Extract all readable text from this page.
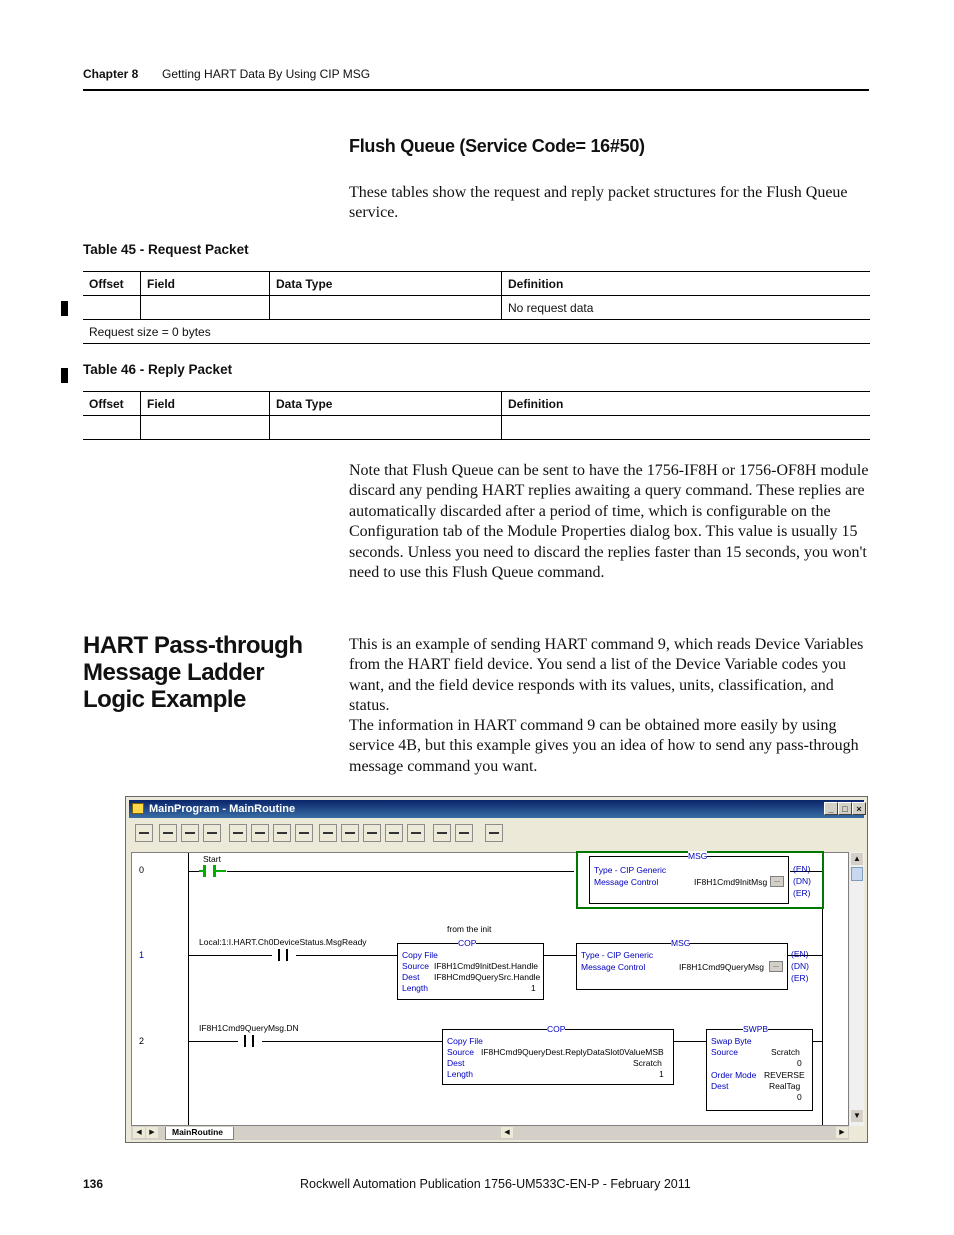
Chapter 8 Getting HART Data By Using CIP MSG
Flush Queue (Service Code= 16#50)
These tables show the request and reply packet structures for the Flush Queue service.
Table 45 - Request Packet
Offset	Field	Data Type	Definition
			No request data
Request size = 0 bytes			
Table 46 - Reply Packet
Offset	Field	Data Type	Definition

Note that Flush Queue can be sent to have the 1756-IF8H or 1756-OF8H module discard any pending HART replies awaiting a query command. These replies are automatically discarded after a period of time, which is configurable on the Configuration tab of the Module Properties dialog box. This value is usually 15 seconds. Unless you need to discard the replies faster than 15 seconds, you won't need to use this Flush Queue command.
HART Pass-through Message Ladder Logic Example
This is an example of sending HART command 9, which reads Device Variables from the HART field device. You send a list of the Device Variable codes you want, and the field device responds with its values, units, classification, and status.
The information in HART command 9 can be obtained more easily by using service 4B, but this example gives you an idea of how to send any pass-through message command you want.
MainProgram - MainRoutine	_ □ ×
0
Start	MSG
Type - CIP Generic
Message Control	IF8H1Cmd9InitMsg ...
(EN)
(DN)
(ER)
1
Local:1:I.HART.Ch0DeviceStatus.MsgReady
from the init
COP
Copy File
Source IF8H1Cmd9InitDest.Handle
Dest IF8HCmd9QuerySrc.Handle
Length	1
MSG
Type - CIP Generic
Message Control	IF8H1Cmd9QueryMsg	...
(EN)
(DN)
(ER)
2
IF8H1Cmd9QueryMsg.DN	COP
Copy File
Source IF8HCmd9QueryDest.ReplyDataSlot0ValueMSB
Dest	Scratch
Length	1
SWPB
Swap Byte
Source	Scratch
0
Order Mode REVERSE
Dest	RealTag
0
▲
▼
◀	▶	MainRoutine	◀	▶
136	Rockwell Automation Publication 1756-UM533C-EN-P - February 2011
